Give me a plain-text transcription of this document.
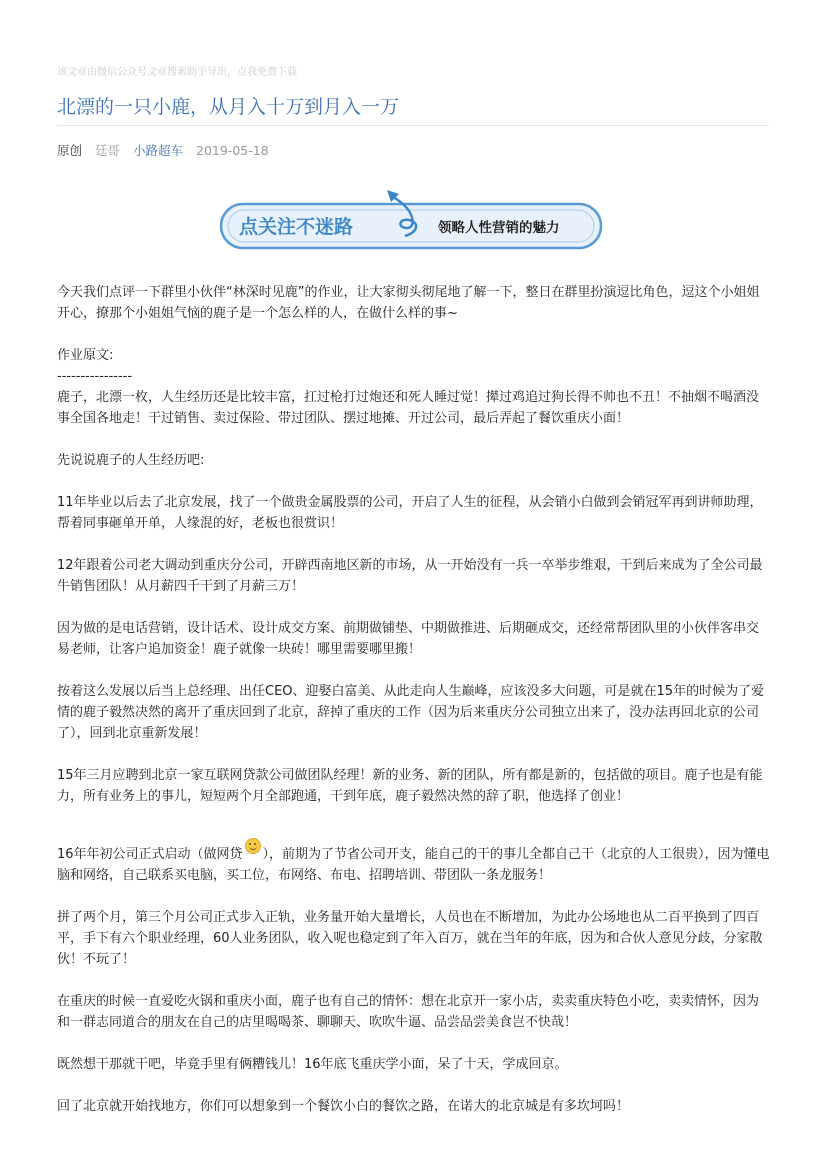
该文章由微信公众号文章搜索助手导出，点我免费下载
北漂的一只小鹿，从月入十万到月入一万
原创 廷哥 小路超车 2019-05-18
点关注不迷路	领略人性营销的魅力

今天我们点评一下群里小伙伴“林深时见鹿”的作业，让大家彻头彻尾地了解一下，整日在群里扮演逗比角色，逗这个小姐姐开心，撩那个小姐姐气恼的鹿子是一个怎么样的人，在做什么样的事~

作业原文:
----------------
鹿子，北漂一枚，人生经历还是比较丰富，扛过枪打过炮还和死人睡过觉！撵过鸡追过狗长得不帅也不丑！不抽烟不喝酒没事全国各地走！干过销售、卖过保险、带过团队、摆过地摊、开过公司，最后弄起了餐饮重庆小面！

先说说鹿子的人生经历吧:

11年毕业以后去了北京发展，找了一个做贵金属股票的公司，开启了人生的征程，从会销小白做到会销冠军再到讲师助理，帮着同事砸单开单，人缘混的好，老板也很赏识！

12年跟着公司老大调动到重庆分公司，开辟西南地区新的市场，从一开始没有一兵一卒举步维艰，干到后来成为了全公司最牛销售团队！从月薪四千干到了月薪三万！

因为做的是电话营销，设计话术、设计成交方案、前期做铺垫、中期做推进、后期砸成交，还经常帮团队里的小伙伴客串交易老师，让客户追加资金！鹿子就像一块砖！哪里需要哪里搬！

按着这么发展以后当上总经理、出任CEO、迎娶白富美、从此走向人生巅峰，应该没多大问题，可是就在15年的时候为了爱情的鹿子毅然决然的离开了重庆回到了北京，辞掉了重庆的工作（因为后来重庆分公司独立出来了，没办法再回北京的公司了），回到北京重新发展！

15年三月应聘到北京一家互联网贷款公司做团队经理！新的业务、新的团队，所有都是新的，包括做的项目。鹿子也是有能力，所有业务上的事儿，短短两个月全部跑通，干到年底，鹿子毅然决然的辞了职，他选择了创业！

16年年初公司正式启动（做网贷 ），前期为了节省公司开支，能自己的干的事儿全都自己干（北京的人工很贵），因为懂电脑和网络，自己联系买电脑，买工位，布网络、布电、招聘培训、带团队一条龙服务！

拼了两个月，第三个月公司正式步入正轨，业务量开始大量增长，人员也在不断增加，为此办公场地也从二百平换到了四百平，手下有六个职业经理，60人业务团队，收入呢也稳定到了年入百万，就在当年的年底，因为和合伙人意见分歧，分家散伙！不玩了！

在重庆的时候一直爱吃火锅和重庆小面，鹿子也有自己的情怀：想在北京开一家小店，卖卖重庆特色小吃，卖卖情怀，因为和一群志同道合的朋友在自己的店里喝喝茶、聊聊天、吹吹牛逼、品尝品尝美食岂不快哉！

既然想干那就干吧，毕竟手里有俩糟钱儿！16年底飞重庆学小面，呆了十天，学成回京。

回了北京就开始找地方，你们可以想象到一个餐饮小白的餐饮之路，在诺大的北京城是有多坎坷吗！
